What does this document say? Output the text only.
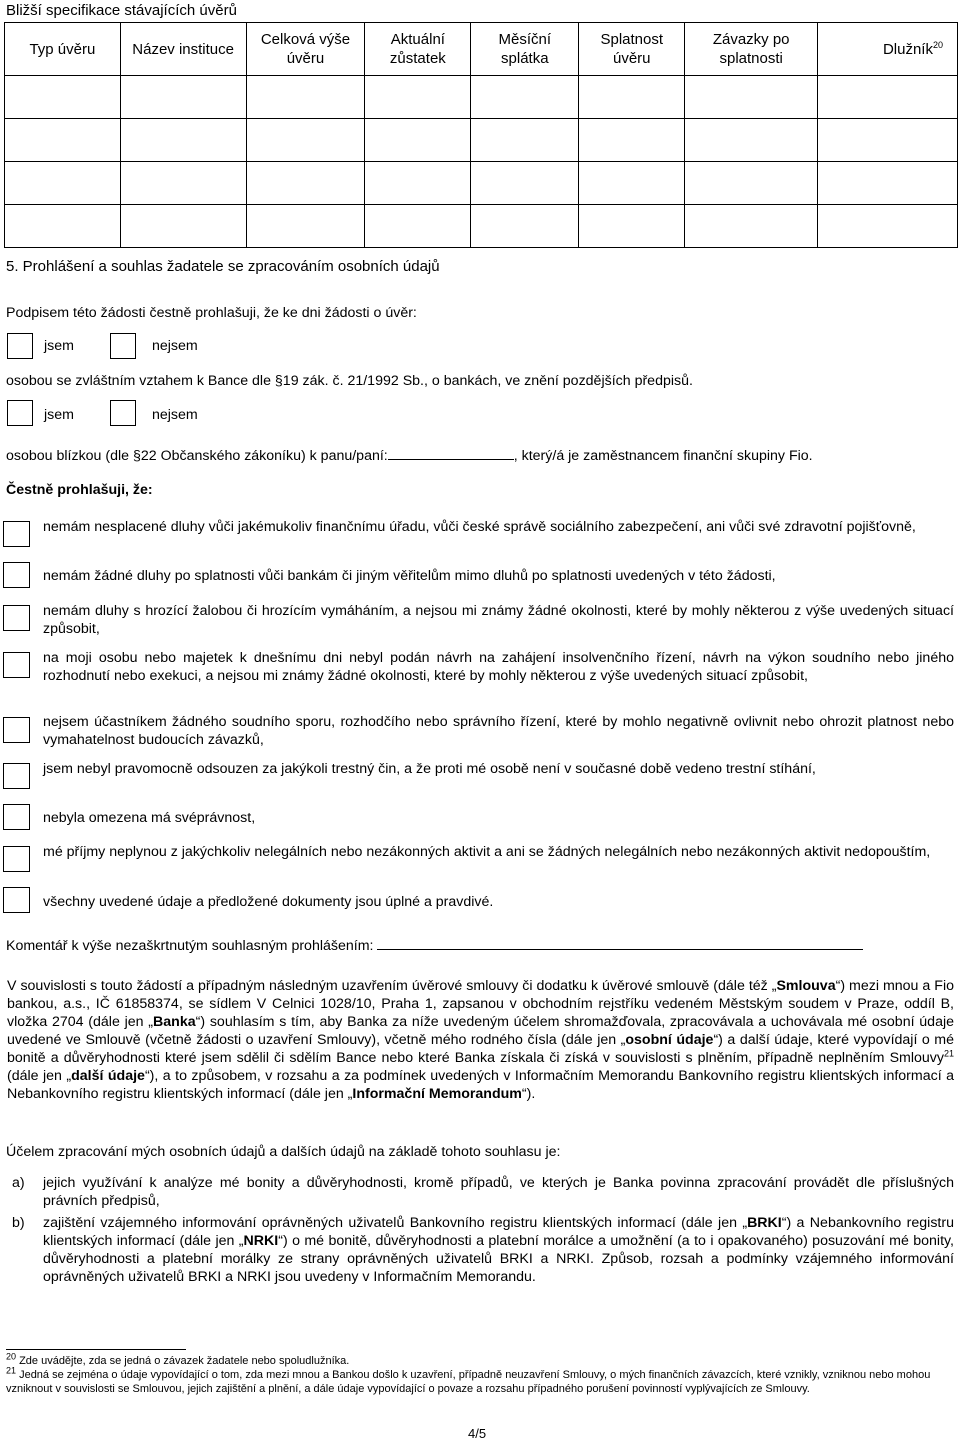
Bližší specifikace stávajících úvěrů
Typ úvěru	Název instituce	Celková výše úvěru	Aktuální zůstatek	Měsíční splátka	Splatnost úvěru	Závazky po splatnosti	Dlužník$^{20}$

5. Prohlášení a souhlas žadatele se zpracováním osobních údajů
Podpisem této žádosti čestně prohlašuji, že ke dni žádosti o úvěr:
jsem	nejsem
osobou se zvláštním vztahem k Bance dle §19 zák. č. 21/1992 Sb., o bankách, ve znění pozdějších předpisů.
jsem	nejsem
osobou blízkou (dle §22 Občanského zákoníku) k panu/paní:	, který/á je zaměstnancem finanční skupiny Fio.
Čestně prohlašuji, že:
nemám nesplacené dluhy vůči jakémukoliv finančnímu úřadu, vůči české správě sociálního zabezpečení, ani vůči své zdravotní pojišťovně,
nemám žádné dluhy po splatnosti vůči bankám či jiným věřitelům mimo dluhů po splatnosti uvedených v této žádosti,
nemám dluhy s hrozící žalobou či hrozícím vymáháním, a nejsou mi známy žádné okolnosti, které by mohly některou z výše uvedených situací způsobit,
na moji osobu nebo majetek k dnešnímu dni nebyl podán návrh na zahájení insolvenčního řízení, návrh na výkon soudního nebo jiného rozhodnutí nebo exekuci, a nejsou mi známy žádné okolnosti, které by mohly některou z výše uvedených situací způsobit,
nejsem účastníkem žádného soudního sporu, rozhodčího nebo správního řízení, které by mohlo negativně ovlivnit nebo ohrozit platnost nebo vymahatelnost budoucích závazků,
jsem nebyl pravomocně odsouzen za jakýkoli trestný čin, a že proti mé osobě není v současné době vedeno trestní stíhání,
nebyla omezena má svéprávnost,
mé příjmy neplynou z jakýchkoliv nelegálních nebo nezákonných aktivit a ani se žádných nelegálních nebo nezákonných aktivit nedopouštím,
všechny uvedené údaje a předložené dokumenty jsou úplné a pravdivé.
Komentář k výše nezaškrtnutým souhlasným prohlášením:
V souvislosti s touto žádostí a případným následným uzavřením úvěrové smlouvy či dodatku k úvěrové smlouvě (dále též „Smlouva“) mezi mnou a Fio bankou, a.s., IČ 61858374, se sídlem V Celnici 1028/10, Praha 1, zapsanou v obchodním rejstříku vedeném Městským soudem v Praze, oddíl B, vložka 2704 (dále jen „Banka“) souhlasím s tím, aby Banka za níže uvedeným účelem shromažďovala, zpracovávala a uchovávala mé osobní údaje uvedené ve Smlouvě (včetně žádosti o uzavření Smlouvy), včetně mého rodného čísla (dále jen „osobní údaje“) a další údaje, které vypovídají o mé bonitě a důvěryhodnosti které jsem sdělil či sdělím Bance nebo které Banka získala či získá v souvislosti s plněním, případně neplněním Smlouvy$^{21}$ (dále jen „další údaje“), a to způsobem, v rozsahu a za podmínek uvedených v Informačním Memorandu Bankovního registru klientských informací a Nebankovního registru klientských informací (dále jen „Informační Memorandum“).
Účelem zpracování mých osobních údajů a dalších údajů na základě tohoto souhlasu je:
a) jejich využívání k analýze mé bonity a důvěryhodnosti, kromě případů, ve kterých je Banka povinna zpracování provádět dle příslušných právních předpisů,
b) zajištění vzájemného informování oprávněných uživatelů Bankovního registru klientských informací (dále jen „BRKI“) a Nebankovního registru klientských informací (dále jen „NRKI“) o mé bonitě, důvěryhodnosti a platební morálce a umožnění (a to i opakovaného) posuzování mé bonity, důvěryhodnosti a platební morálky ze strany oprávněných uživatelů BRKI a NRKI. Způsob, rozsah a podmínky vzájemného informování oprávněných uživatelů BRKI a NRKI jsou uvedeny v Informačním Memorandu.
$^{20}$ Zde uvádějte, zda se jedná o závazek žadatele nebo spoludlužníka.
$^{21}$ Jedná se zejména o údaje vypovídající o tom, zda mezi mnou a Bankou došlo k uzavření, případně neuzavření Smlouvy, o mých finančních závazcích, které vznikly, vzniknou nebo mohou vzniknout v souvislosti se Smlouvou, jejich zajištění a plnění, a dále údaje vypovídající o povaze a rozsahu případného porušení povinností vyplývajících ze Smlouvy.
4/5
